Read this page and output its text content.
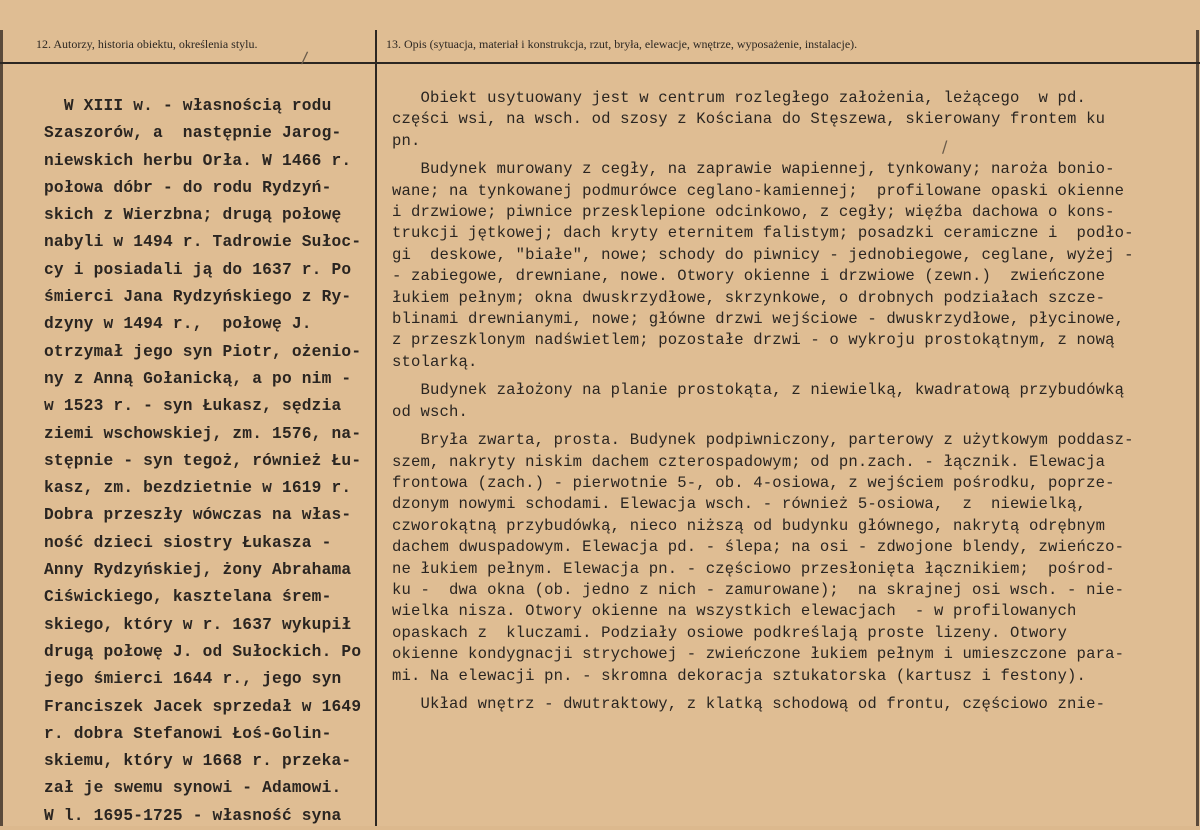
12. Autorzy, historia obiektu, określenia stylu.	13. Opis (sytuacja, materiał i konstrukcja, rzut, bryła, elewacje, wnętrze, wyposażenie, instalacje).
/
/
W XIII w. - własnością rodu
Szaszorów, a  następnie Jarog-
niewskich herbu Orła. W 1466 r.
połowa dóbr - do rodu Rydzyń-
skich z Wierzbna; drugą połowę
nabyli w 1494 r. Tadrowie Sułoc-
cy i posiadali ją do 1637 r. Po
śmierci Jana Rydzyńskiego z Ry-
dzyny w 1494 r.,  połowę J.
otrzymał jego syn Piotr, ożenio-
ny z Anną Gołanicką, a po nim -
w 1523 r. - syn Łukasz, sędzia
ziemi wschowskiej, zm. 1576, na-
stępnie - syn tegoż, również Łu-
kasz, zm. bezdzietnie w 1619 r.
Dobra przeszły wówczas na włas-
ność dzieci siostry Łukasza -
Anny Rydzyńskiej, żony Abrahama
Ciświckiego, kasztelana śrem-
skiego, który w r. 1637 wykupił
drugą połowę J. od Sułockich. Po
jego śmierci 1644 r., jego syn
Franciszek Jacek sprzedał w 1649
r. dobra Stefanowi Łoś-Golin-
skiemu, który w 1668 r. przeka-
zał je swemu synowi - Adamowi.
W l. 1695-1725 - własność syna
Obiekt usytuowany jest w centrum rozległego założenia, leżącego  w pd.
części wsi, na wsch. od szosy z Kościana do Stęszewa, skierowany frontem ku
pn.
Budynek murowany z cegły, na zaprawie wapiennej, tynkowany; naroża bonio-
wane; na tynkowanej podmurówce ceglano-kamiennej;  profilowane opaski okienne
i drzwiowe; piwnice przesklepione odcinkowo, z cegły; więźba dachowa o kons-
trukcji jętkowej; dach kryty eternitem falistym; posadzki ceramiczne i  podło-
gi  deskowe, "białe", nowe; schody do piwnicy - jednobiegowe, ceglane, wyżej -
- zabiegowe, drewniane, nowe. Otwory okienne i drzwiowe (zewn.)  zwieńczone
łukiem pełnym; okna dwuskrzydłowe, skrzynkowe, o drobnych podziałach szcze-
blinami drewnianymi, nowe; główne drzwi wejściowe - dwuskrzydłowe, płycinowe,
z przeszklonym nadświetlem; pozostałe drzwi - o wykroju prostokątnym, z nową
stolarką.
Budynek założony na planie prostokąta, z niewielką, kwadratową przybudówką
od wsch.
Bryła zwarta, prosta. Budynek podpiwniczony, parterowy z użytkowym poddasz-
szem, nakryty niskim dachem czterospadowym; od pn.zach. - łącznik. Elewacja
frontowa (zach.) - pierwotnie 5-, ob. 4-osiowa, z wejściem pośrodku, poprze-
dzonym nowymi schodami. Elewacja wsch. - również 5-osiowa,  z  niewielką,
czworokątną przybudówką, nieco niższą od budynku głównego, nakrytą odrębnym
dachem dwuspadowym. Elewacja pd. - ślepa; na osi - zdwojone blendy, zwieńczo-
ne łukiem pełnym. Elewacja pn. - częściowo przesłonięta łącznikiem;  pośrod-
ku -  dwa okna (ob. jedno z nich - zamurowane);  na skrajnej osi wsch. - nie-
wielka nisza. Otwory okienne na wszystkich elewacjach  - w profilowanych
opaskach z  kluczami. Podziały osiowe podkreślają proste lizeny. Otwory
okienne kondygnacji strychowej - zwieńczone łukiem pełnym i umieszczone para-
mi. Na elewacji pn. - skromna dekoracja sztukatorska (kartusz i festony).
Układ wnętrz - dwutraktowy, z klatką schodową od frontu, częściowo znie-
